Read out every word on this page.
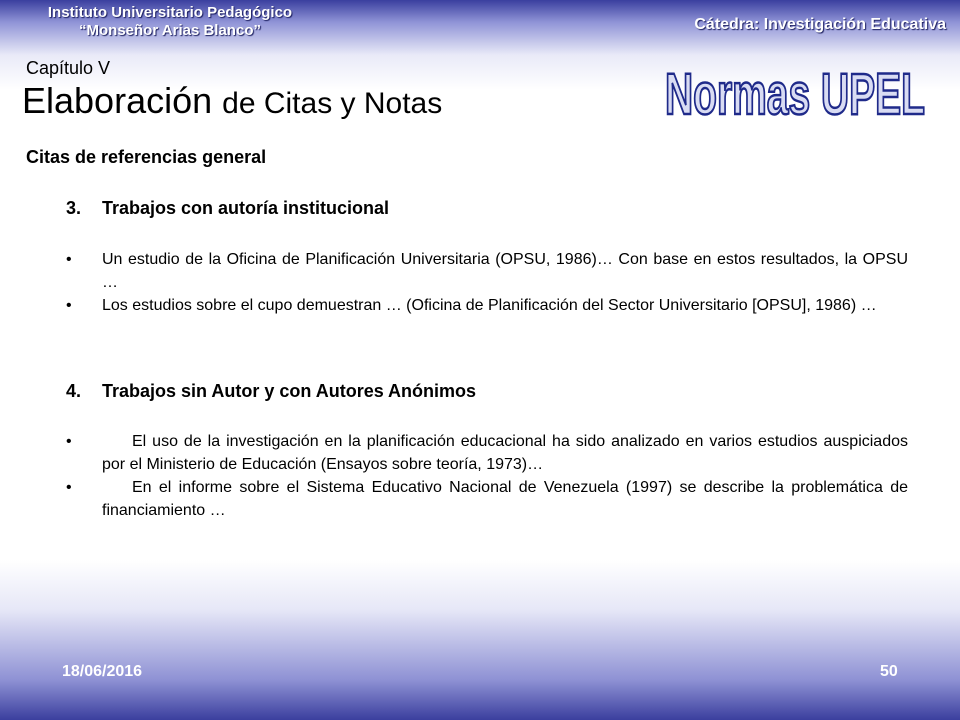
Instituto Universitario Pedagógico
“Monseñor Arias Blanco”	Cátedra: Investigación Educativa
Capítulo V
Elaboración de Citas y Notas	Normas UPEL
Citas de referencias general
3. Trabajos con autoría institucional

• Un estudio de la Oficina de Planificación Universitaria (OPSU, 1986)… Con base en estos resultados, la OPSU …

• Los estudios sobre el cupo demuestran … (Oficina de Planificación del Sector Universitario [OPSU], 1986) …

4. Trabajos sin Autor y con Autores Anónimos

•	El uso de la investigación en la planificación educacional ha sido analizado en varios estudios auspiciados por el Ministerio de Educación (Ensayos sobre teoría, 1973)…

•	En el informe sobre el Sistema Educativo Nacional de Venezuela (1997) se describe la problemática de financiamiento …

18/06/2016	50
